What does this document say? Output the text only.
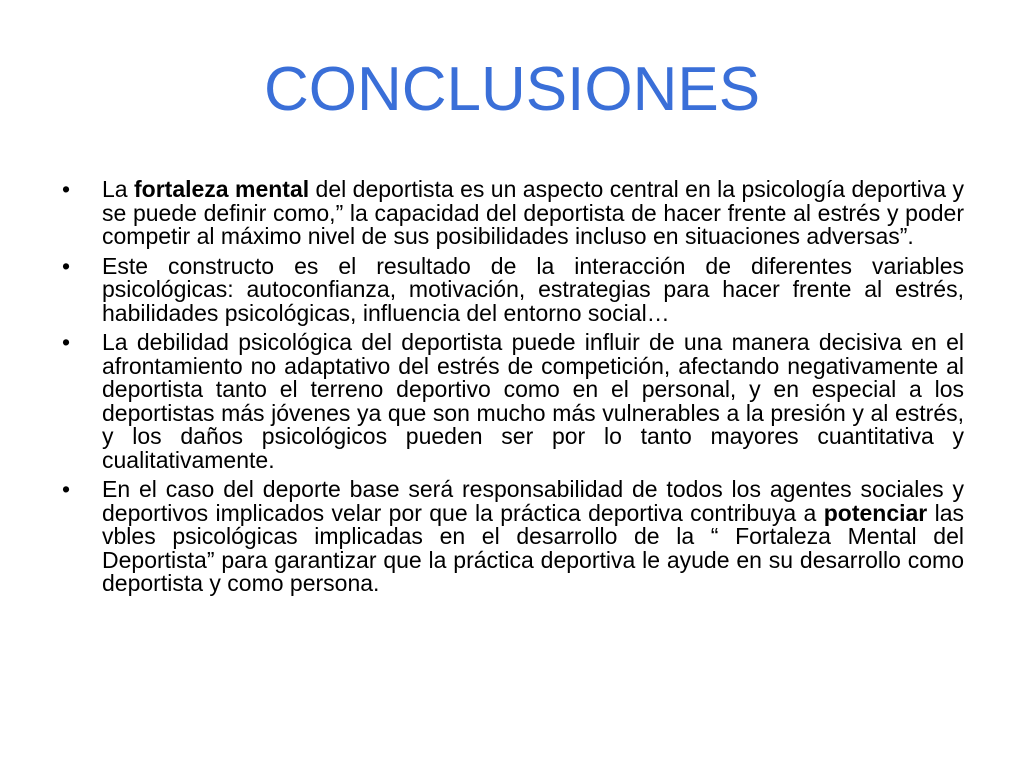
CONCLUSIONES
•	La fortaleza mental del deportista es un aspecto central en la psicología deportiva y se puede definir como,” la capacidad del deportista de hacer frente al estrés y poder competir al máximo nivel de sus posibilidades incluso en situaciones adversas”.
•	Este constructo es el resultado de la interacción de diferentes variables psicológicas: autoconfianza, motivación, estrategias para hacer frente al estrés, habilidades psicológicas, influencia del entorno social…
•	La debilidad psicológica del deportista puede influir de una manera decisiva en el afrontamiento no adaptativo del estrés de competición, afectando negativamente al deportista tanto el terreno deportivo como en el personal, y en especial a los deportistas más jóvenes ya que son mucho más vulnerables a la presión y al estrés, y los daños psicológicos pueden ser por lo tanto mayores cuantitativa y cualitativamente.
•	En el caso del deporte base será responsabilidad de todos los agentes sociales y deportivos implicados velar por que la práctica deportiva contribuya a potenciar las vbles psicológicas implicadas en el desarrollo de la “ Fortaleza Mental del Deportista” para garantizar que la práctica deportiva le ayude en su desarrollo como deportista y como persona.
